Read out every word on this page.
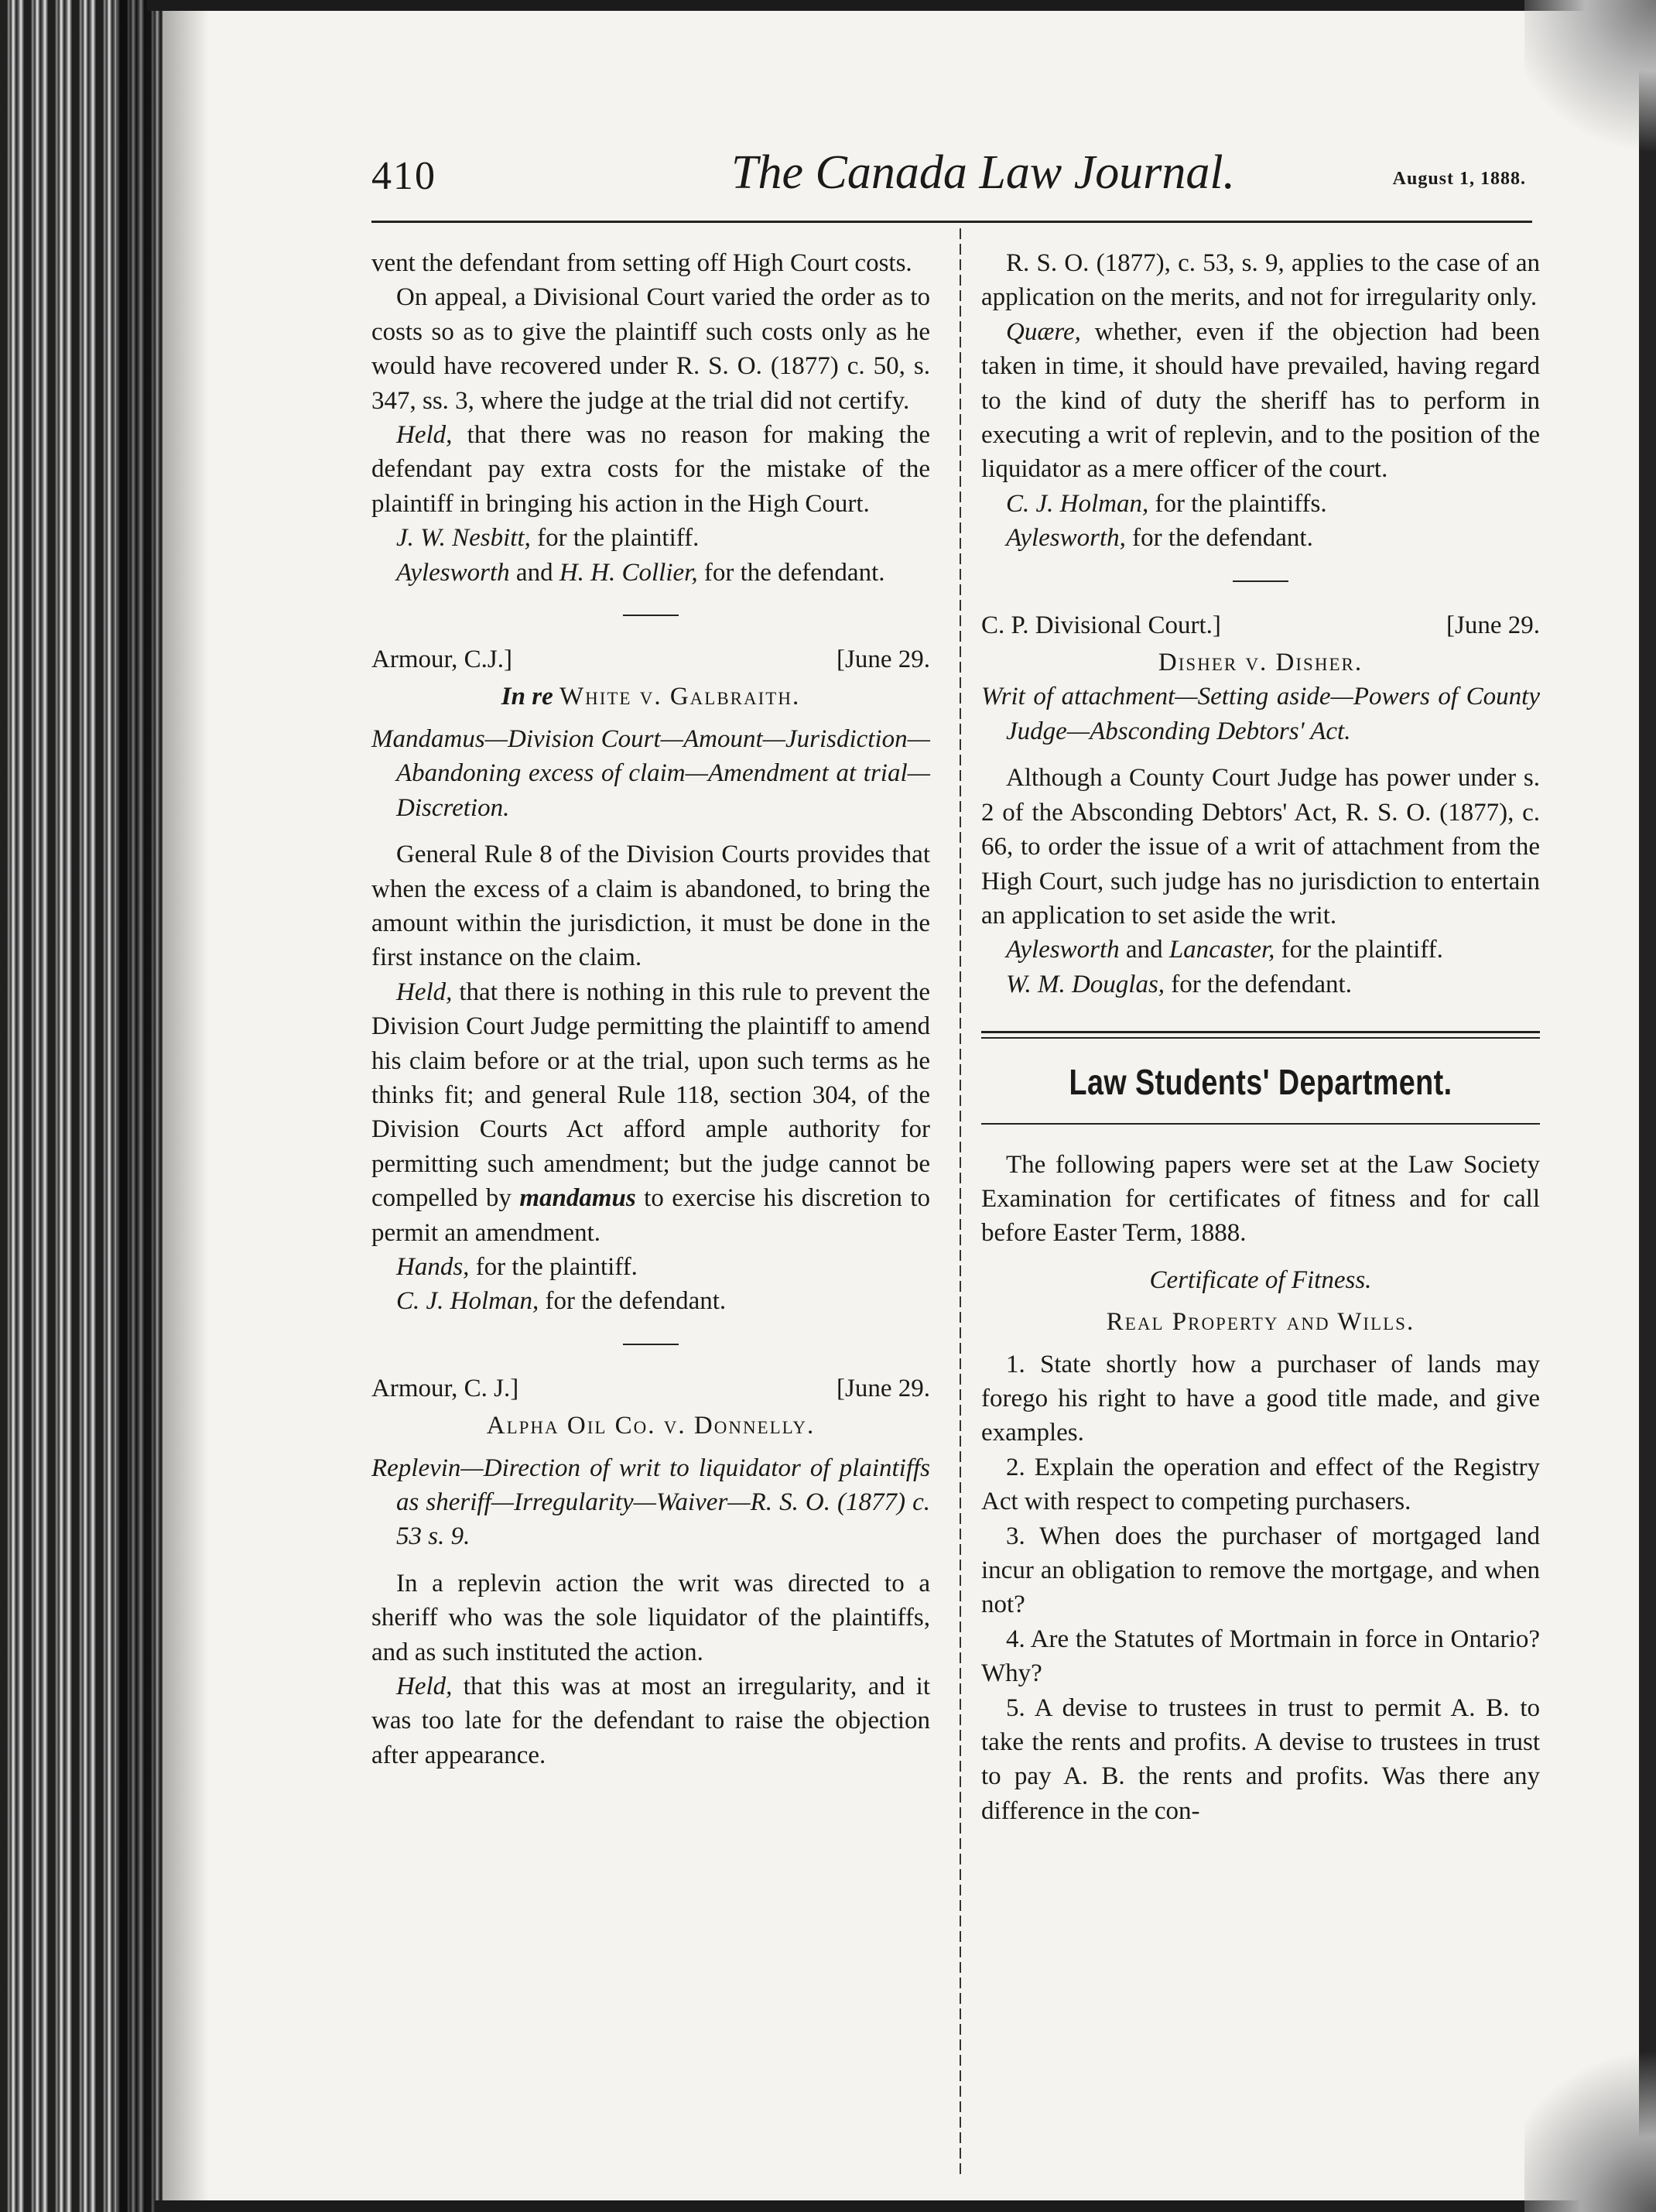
410	The Canada Law Journal.	August 1, 1888.

vent the defendant from setting off High Court costs.

On appeal, a Divisional Court varied the order as to costs so as to give the plaintiff such costs only as he would have recovered under R. S. O. (1877) c. 50, s. 347, ss. 3, where the judge at the trial did not certify.

Held, that there was no reason for making the defendant pay extra costs for the mistake of the plaintiff in bringing his action in the High Court.

J. W. Nesbitt, for the plaintiff.

Aylesworth and H. H. Collier, for the defendant.

Armour, C.J.]	[June 29.

In re White v. Galbraith.

Mandamus—Division Court—Amount—Jurisdiction—Abandoning excess of claim—Amendment at trial—Discretion.

General Rule 8 of the Division Courts provides that when the excess of a claim is abandoned, to bring the amount within the jurisdiction, it must be done in the first instance on the claim.

Held, that there is nothing in this rule to prevent the Division Court Judge permitting the plaintiff to amend his claim before or at the trial, upon such terms as he thinks fit; and general Rule 118, section 304, of the Division Courts Act afford ample authority for permitting such amendment; but the judge cannot be compelled by mandamus to exercise his discretion to permit an amendment.

Hands, for the plaintiff.

C. J. Holman, for the defendant.

Armour, C. J.]	[June 29.

Alpha Oil Co. v. Donnelly.

Replevin—Direction of writ to liquidator of plaintiffs as sheriff—Irregularity—Waiver—R. S. O. (1877) c. 53 s. 9.

In a replevin action the writ was directed to a sheriff who was the sole liquidator of the plaintiffs, and as such instituted the action.

Held, that this was at most an irregularity, and it was too late for the defendant to raise the objection after appearance.

R. S. O. (1877), c. 53, s. 9, applies to the case of an application on the merits, and not for irregularity only.

Quære, whether, even if the objection had been taken in time, it should have prevailed, having regard to the kind of duty the sheriff has to perform in executing a writ of replevin, and to the position of the liquidator as a mere officer of the court.

C. J. Holman, for the plaintiffs.

Aylesworth, for the defendant.

C. P. Divisional Court.]	[June 29.

Disher v. Disher.

Writ of attachment—Setting aside—Powers of County Judge—Absconding Debtors' Act.

Although a County Court Judge has power under s. 2 of the Absconding Debtors' Act, R. S. O. (1877), c. 66, to order the issue of a writ of attachment from the High Court, such judge has no jurisdiction to entertain an application to set aside the writ.

Aylesworth and Lancaster, for the plaintiff.

W. M. Douglas, for the defendant.

Law Students' Department.

The following papers were set at the Law Society Examination for certificates of fitness and for call before Easter Term, 1888.

Certificate of Fitness.

Real Property and Wills.

1. State shortly how a purchaser of lands may forego his right to have a good title made, and give examples.

2. Explain the operation and effect of the Registry Act with respect to competing purchasers.

3. When does the purchaser of mortgaged land incur an obligation to remove the mortgage, and when not?

4. Are the Statutes of Mortmain in force in Ontario? Why?

5. A devise to trustees in trust to permit A. B. to take the rents and profits. A devise to trustees in trust to pay A. B. the rents and profits. Was there any difference in the con-
